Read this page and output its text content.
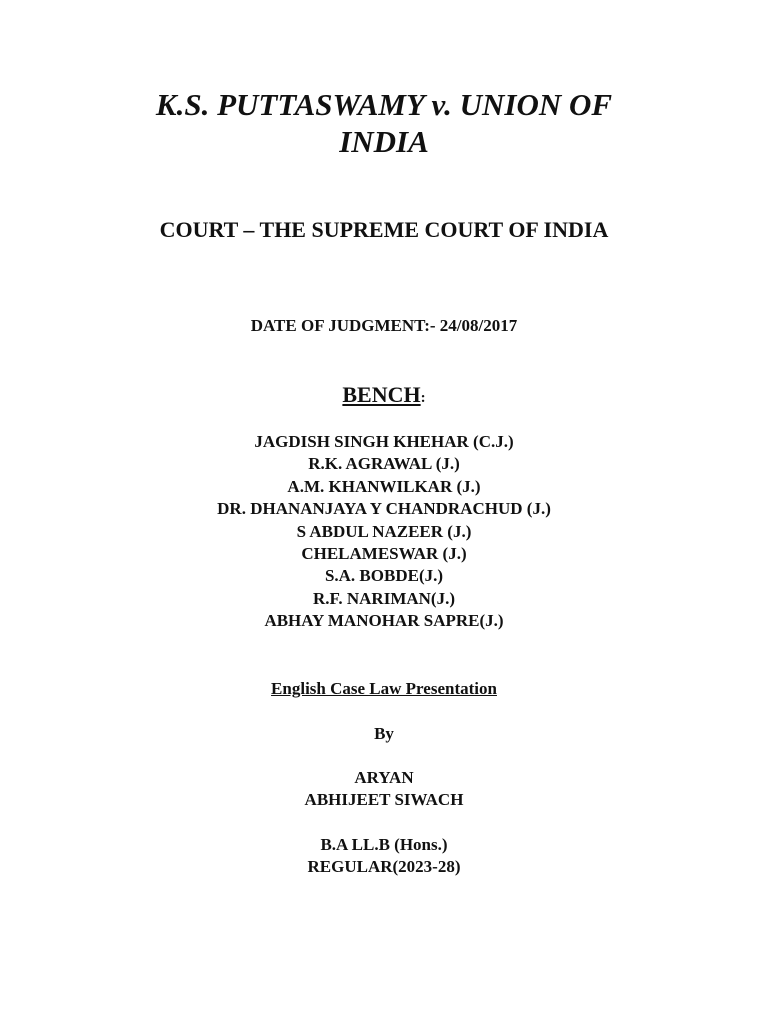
K.S. PUTTASWAMY v. UNION OF
INDIA
COURT – THE SUPREME COURT OF INDIA
DATE OF JUDGMENT:- 24/08/2017
BENCH:
JAGDISH SINGH KHEHAR (C.J.)
R.K. AGRAWAL (J.)
A.M. KHANWILKAR (J.)
DR. DHANANJAYA Y CHANDRACHUD (J.)
S ABDUL NAZEER (J.)
CHELAMESWAR (J.)
S.A. BOBDE(J.)
R.F. NARIMAN(J.)
ABHAY MANOHAR SAPRE(J.)
English Case Law Presentation
By
ARYAN
ABHIJEET SIWACH
B.A LL.B (Hons.)
REGULAR(2023-28)
